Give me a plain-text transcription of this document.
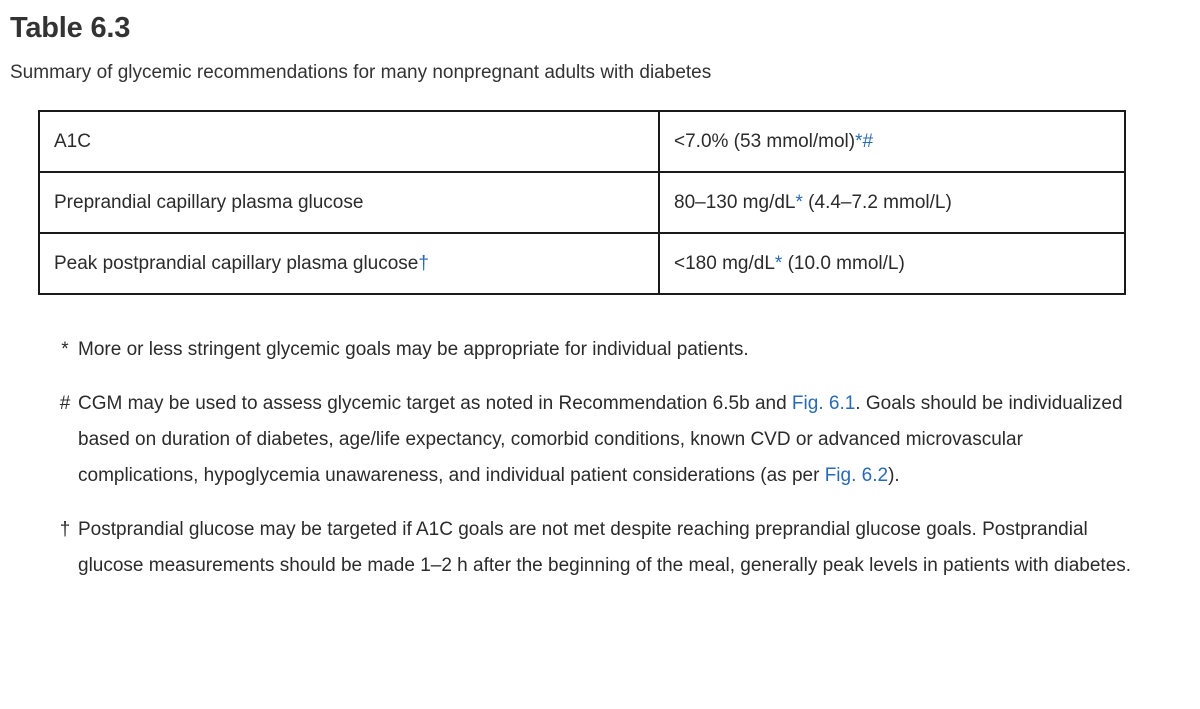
Table 6.3

Summary of glycemic recommendations for many nonpregnant adults with diabetes

A1C	<7.0% (53 mmol/mol)*#
Preprandial capillary plasma glucose	80–130 mg/dL* (4.4–7.2 mmol/L)
Peak postprandial capillary plasma glucose†	<180 mg/dL* (10.0 mmol/L)
* More or less stringent glycemic goals may be appropriate for individual patients.
# CGM may be used to assess glycemic target as noted in Recommendation 6.5b and Fig. 6.1. Goals should be individualized based on duration of diabetes, age/life expectancy, comorbid conditions, known CVD or advanced microvascular complications, hypoglycemia unawareness, and individual patient considerations (as per Fig. 6.2).
† Postprandial glucose may be targeted if A1C goals are not met despite reaching preprandial glucose goals. Postprandial glucose measurements should be made 1–2 h after the beginning of the meal, generally peak levels in patients with diabetes.
